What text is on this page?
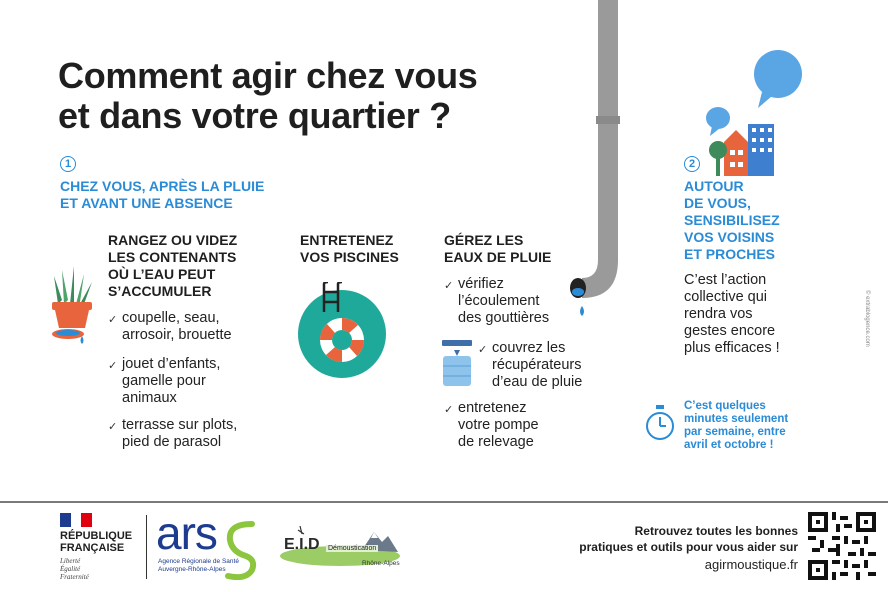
Comment agir chez vous
et dans votre quartier ?
1
CHEZ VOUS, APRÈS LA PLUIE
ET AVANT UNE ABSENCE
RANGEZ OU VIDEZ
LES CONTENANTS
OÙ L’EAU PEUT
S’ACCUMULER
✓ coupelle, seau,
arrosoir, brouette
✓ jouet d’enfants,
gamelle pour
animaux
✓ terrasse sur plots,
pied de parasol
ENTRETENEZ
VOS PISCINES
GÉREZ LES
EAUX DE PLUIE
✓ vérifiez
l’écoulement
des gouttières
✓ couvrez les
récupérateurs
d’eau de pluie
✓ entretenez
votre pompe
de relevage
2
AUTOUR
DE VOUS,
SENSIBILISEZ
VOS VOISINS
ET PROCHES
C’est l’action
collective qui
rendra vos
gestes encore
plus efficaces !
C’est quelques
minutes seulement
par semaine, entre
avril et octobre !
© extrablogence.com
RÉPUBLIQUE
FRANÇAISE
Liberté
Égalité
Fraternité
ars
Agence Régionale de Santé
Auvergne-Rhône-Alpes
E.I.D Démoustication
Rhône-Alpes
Retrouvez toutes les bonnes
pratiques et outils pour vous aider sur
agirmoustique.fr
